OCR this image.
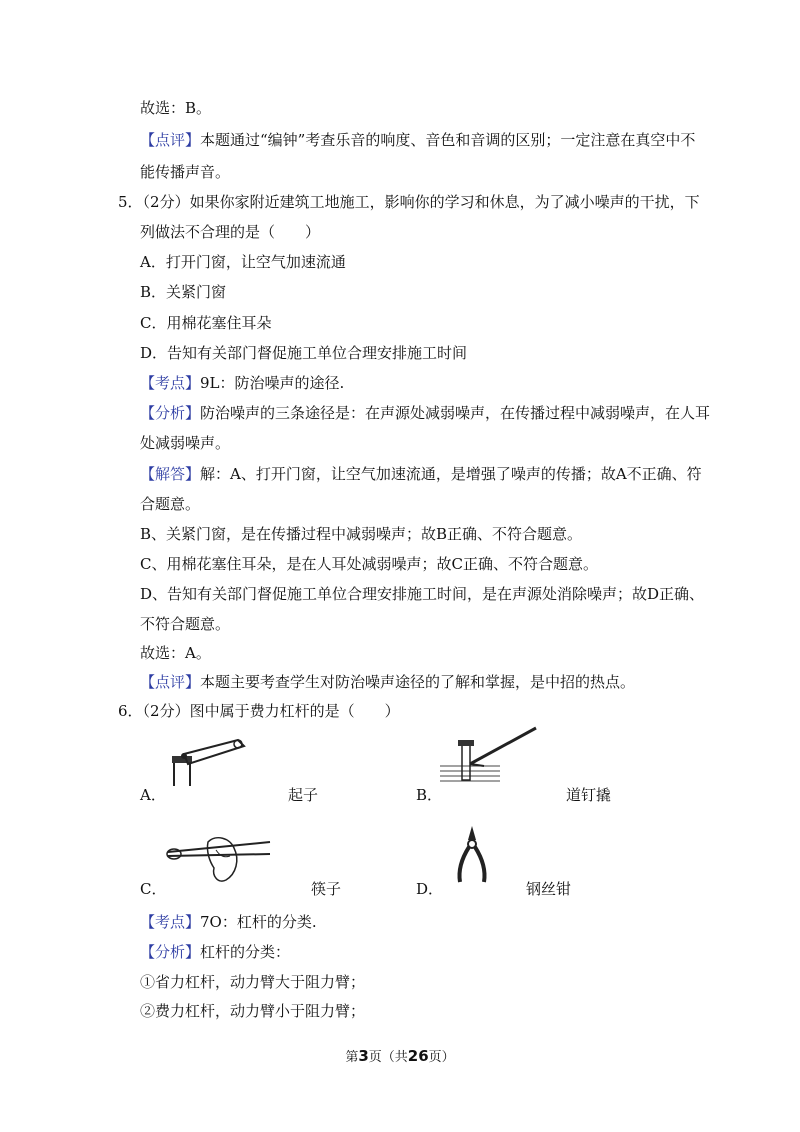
故选：B。
【点评】本题通过“编钟”考查乐音的响度、音色和音调的区别；一定注意在真空中不
能传播声音。
5．（2分）如果你家附近建筑工地施工，影响你的学习和休息，为了减小噪声的干扰，下
列做法不合理的是（　　）
A．打开门窗，让空气加速流通
B．关紧门窗
C．用棉花塞住耳朵
D．告知有关部门督促施工单位合理安排施工时间
【考点】9L：防治噪声的途径.
【分析】防治噪声的三条途径是：在声源处减弱噪声，在传播过程中减弱噪声，在人耳
处减弱噪声。
【解答】解：A、打开门窗，让空气加速流通，是增强了噪声的传播；故A不正确、符
合题意。
B、关紧门窗，是在传播过程中减弱噪声；故B正确、不符合题意。
C、用棉花塞住耳朵，是在人耳处减弱噪声；故C正确、不符合题意。
D、告知有关部门督促施工单位合理安排施工时间，是在声源处消除噪声；故D正确、
不符合题意。
故选：A。
【点评】本题主要考查学生对防治噪声途径的了解和掌握，是中招的热点。
6．（2分）图中属于费力杠杆的是（　　）
A．	起子	B．	道钉撬
C．	筷子	D．	钢丝钳
【考点】7O：杠杆的分类.
【分析】杠杆的分类：
①省力杠杆，动力臂大于阻力臂；
②费力杠杆，动力臂小于阻力臂；
第3页（共26页）
